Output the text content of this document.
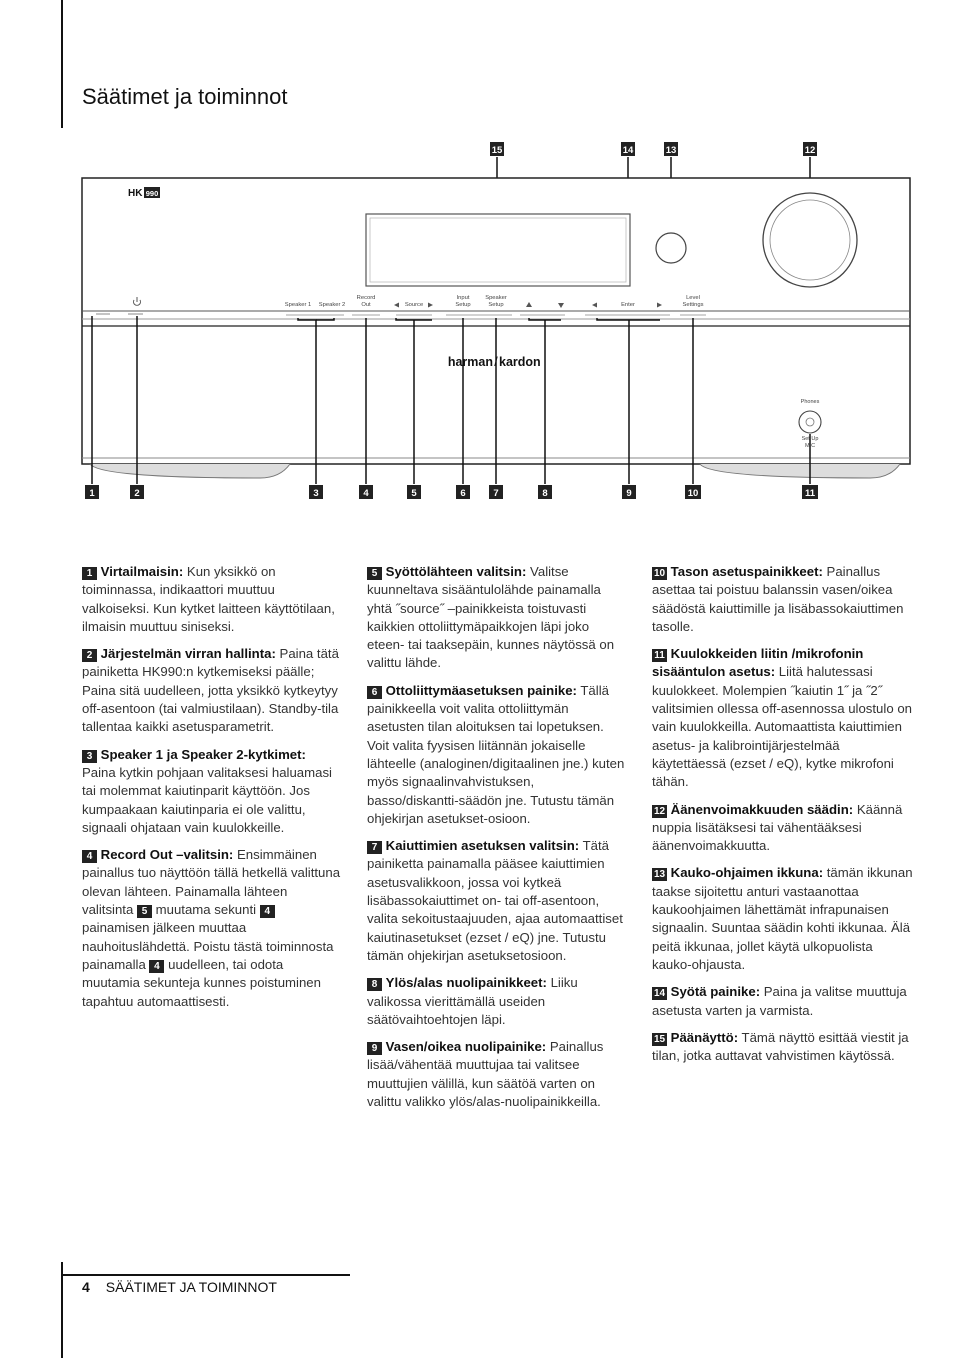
Säätimet ja toiminnot
15	14	13	12
HK 990
Speaker 1 Speaker 2
Record
Out	Source
Input
Setup
Speaker
Setup	Enter
Level
Settings
harman / kardon
Phones
Set Up
MIC
1	2	3	4	5	6	7	8	9	10	11

1 Virtailmaisin: Kun yksikkö on toiminnassa, indikaattori muuttuu valkoiseksi. Kun kytket laitteen käyttötilaan, ilmaisin muuttuu siniseksi.

2 Järjestelmän virran hallinta: Paina tätä painiketta HK990:n kytkemiseksi päälle; Paina sitä uudelleen, jotta yksikkö kytkeytyy off-asentoon (tai valmiustilaan). Standby-tila tallentaa kaikki asetusparametrit.

3 Speaker 1 ja Speaker 2-kytkimet: Paina kytkin pohjaan valitaksesi haluamasi tai molemmat kaiutinparit käyttöön. Jos kumpaakaan kaiutinparia ei ole valittu, signaali ohjataan vain kuulokkeille.

4 Record Out –valitsin: Ensimmäinen painallus tuo näyttöön tällä hetkellä valittuna olevan lähteen. Painamalla lähteen valitsinta 5 muutama sekunti 4 painamisen jälkeen muuttaa nauhoituslähdettä. Poistu tästä toiminnosta painamalla 4 uudelleen, tai odota muutamia sekunteja kunnes poistuminen tapahtuu automaattisesti.

5 Syöttölähteen valitsin: Valitse kuunneltava sisääntulolähde painamalla yhtä ˝source˝ –painikkeista toistuvasti kaikkien ottoliittymäpaikkojen läpi joko eteen- tai taaksepäin, kunnes näytössä on valittu lähde.

6 Ottoliittymäasetuksen painike: Tällä painikkeella voit valita ottoliittymän asetusten tilan aloituksen tai lopetuksen. Voit valita fyysisen liitännän jokaiselle lähteelle (analoginen/digitaalinen jne.) kuten myös signaalinvahvistuksen, basso/diskantti-säädön jne. Tutustu tämän ohjekirjan asetukset-osioon.

7 Kaiuttimien asetuksen valitsin: Tätä painiketta painamalla pääsee kaiuttimien asetusvalikkoon, jossa voi kytkeä lisäbassokaiuttimet on- tai off-asentoon, valita sekoitustaajuuden, ajaa automaattiset kaiutinasetukset (ezset / eQ) jne. Tutustu tämän ohjekirjan asetuksetosioon.

8 Ylös/alas nuolipainikkeet: Liiku valikossa vierittämällä useiden säätövaihtoehtojen läpi.

9 Vasen/oikea nuolipainike: Painallus lisää/vähentää muuttujaa tai valitsee muuttujien välillä, kun säätöä varten on valittu valikko ylös/alas-nuolipainikkeilla.

10 Tason asetuspainikkeet: Painallus asettaa tai poistuu balanssin vasen/oikea säädöstä kaiuttimille ja lisäbassokaiuttimen tasolle.

11 Kuulokkeiden liitin /mikrofonin sisääntulon asetus: Liitä halutessasi kuulokkeet. Molempien ˝kaiutin 1˝ ja ˝2˝ valitsimien ollessa off-asennossa ulostulo on vain kuulokkeilla. Automaattista kaiuttimien asetus- ja kalibrointijärjestelmää käytettäessä (ezset / eQ), kytke mikrofoni tähän.

12 Äänenvoimakkuuden säädin: Käännä nuppia lisätäksesi tai vähentääksesi äänenvoimakkuutta.

13 Kauko-ohjaimen ikkuna: tämän ikkunan taakse sijoitettu anturi vastaanottaa kaukoohjaimen lähettämät infrapunaisen signaalin. Suuntaa säädin kohti ikkunaa. Älä peitä ikkunaa, jollet käytä ulkopuolista kauko-ohjausta.

14 Syötä painike: Paina ja valitse muuttuja asetusta varten ja varmista.

15 Päänäyttö: Tämä näyttö esittää viestit ja tilan, jotka auttavat vahvistimen käytössä.

4 SÄÄTIMET JA TOIMINNOT
